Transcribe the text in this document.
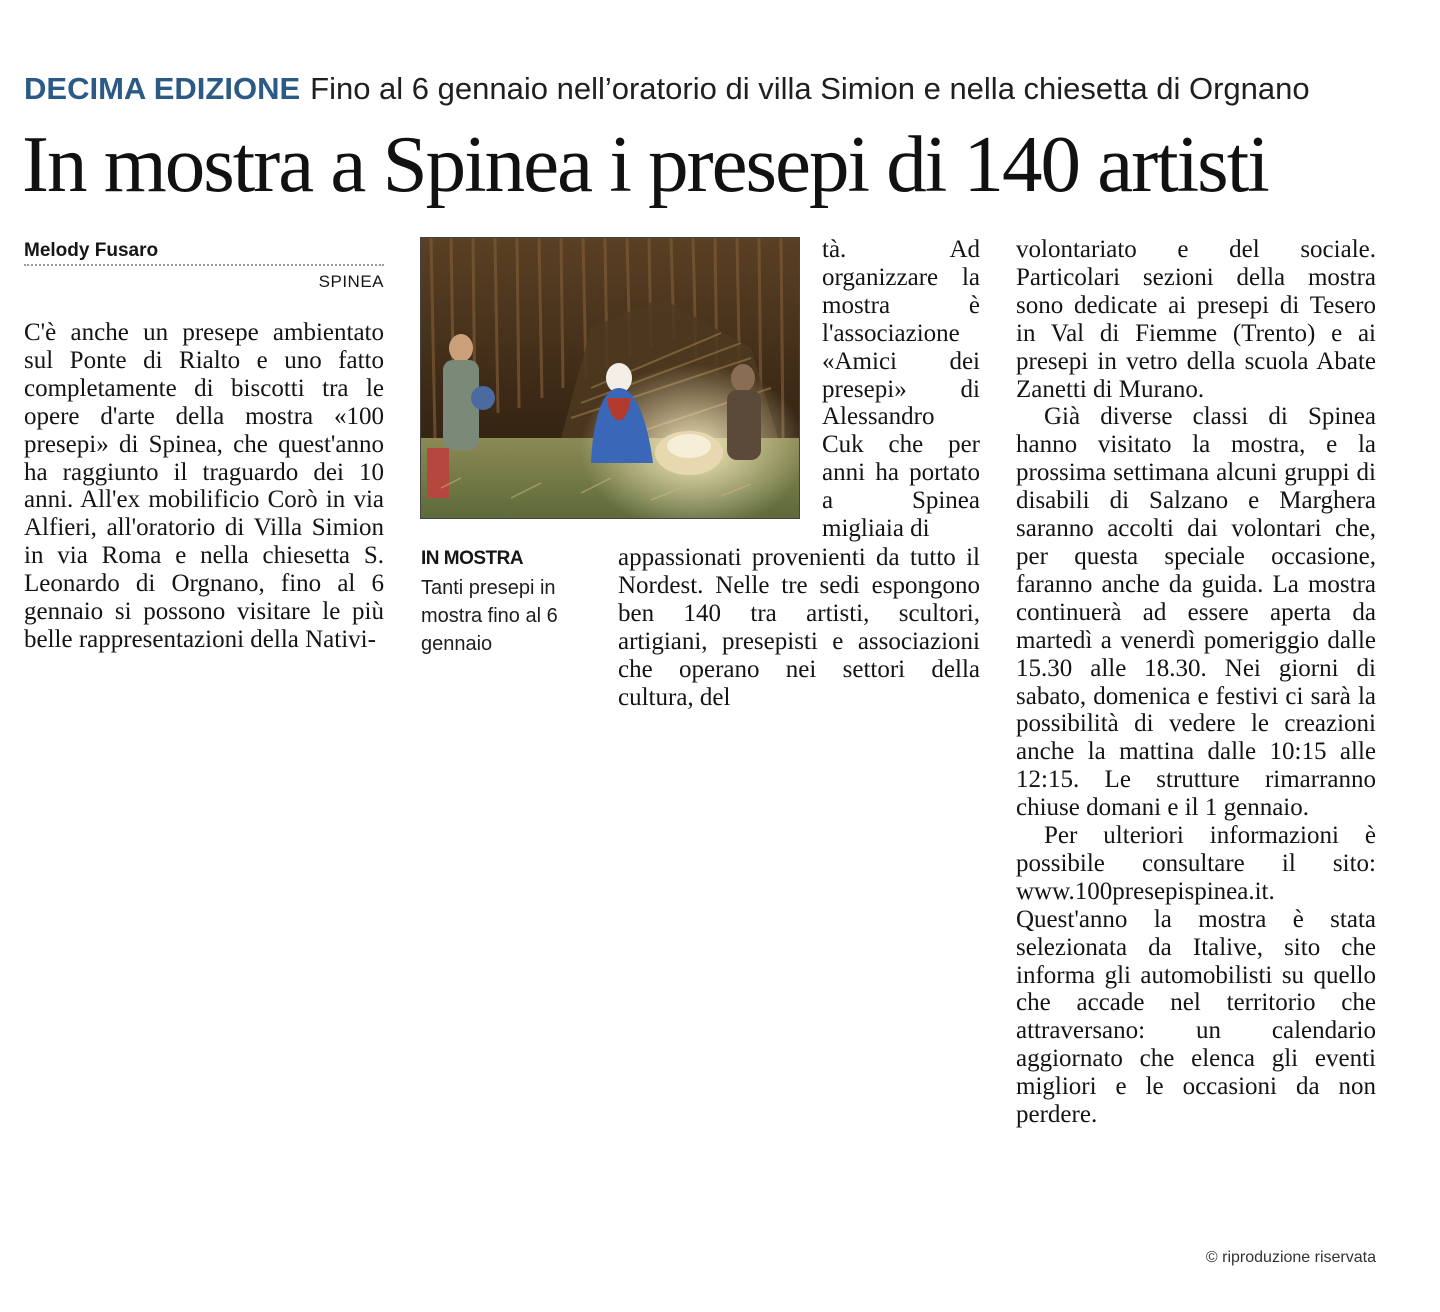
DECIMA EDIZIONE Fino al 6 gennaio nell’oratorio di villa Simion e nella chiesetta di Orgnano
In mostra a Spinea i presepi di 140 artisti
Melody Fusaro
SPINEA

C'è anche un presepe ambientato sul Ponte di Rialto e uno fatto completamente di biscotti tra le opere d'arte della mostra «100 presepi» di Spinea, che quest'anno ha raggiunto il traguardo dei 10 anni. All'ex mobilificio Corò in via Alfieri, all'oratorio di Villa Simion in via Roma e nella chiesetta S. Leonardo di Orgnano, fino al 6 gennaio si possono visitare le più belle rappresentazioni della Nativi-

IN MOSTRA
Tanti presepi in mostra fino al 6 gennaio

tà. Ad organizzare la mostra è l'associazione «Amici dei presepi» di Alessandro Cuk che per anni ha portato a Spinea migliaia di

appassionati provenienti da tutto il Nordest. Nelle tre sedi espongono ben 140 tra artisti, scultori, artigiani, presepisti e associazioni che operano nei settori della cultura, del

volontariato e del sociale. Particolari sezioni della mostra sono dedicate ai presepi di Tesero in Val di Fiemme (Trento) e ai presepi in vetro della scuola Abate Zanetti di Murano.

Già diverse classi di Spinea hanno visitato la mostra, e la prossima settimana alcuni gruppi di disabili di Salzano e Marghera saranno accolti dai volontari che, per questa speciale occasione, faranno anche da guida. La mostra continuerà ad essere aperta da martedì a venerdì pomeriggio dalle 15.30 alle 18.30. Nei giorni di sabato, domenica e festivi ci sarà la possibilità di vedere le creazioni anche la mattina dalle 10:15 alle 12:15. Le strutture rimarranno chiuse domani e il 1 gennaio.

Per ulteriori informazioni è possibile consultare il sito: www.100presepispinea.it. Quest'anno la mostra è stata selezionata da Italive, sito che informa gli automobilisti su quello che accade nel territorio che attraversano: un calendario aggiornato che elenca gli eventi migliori e le occasioni da non perdere.

© riproduzione riservata
